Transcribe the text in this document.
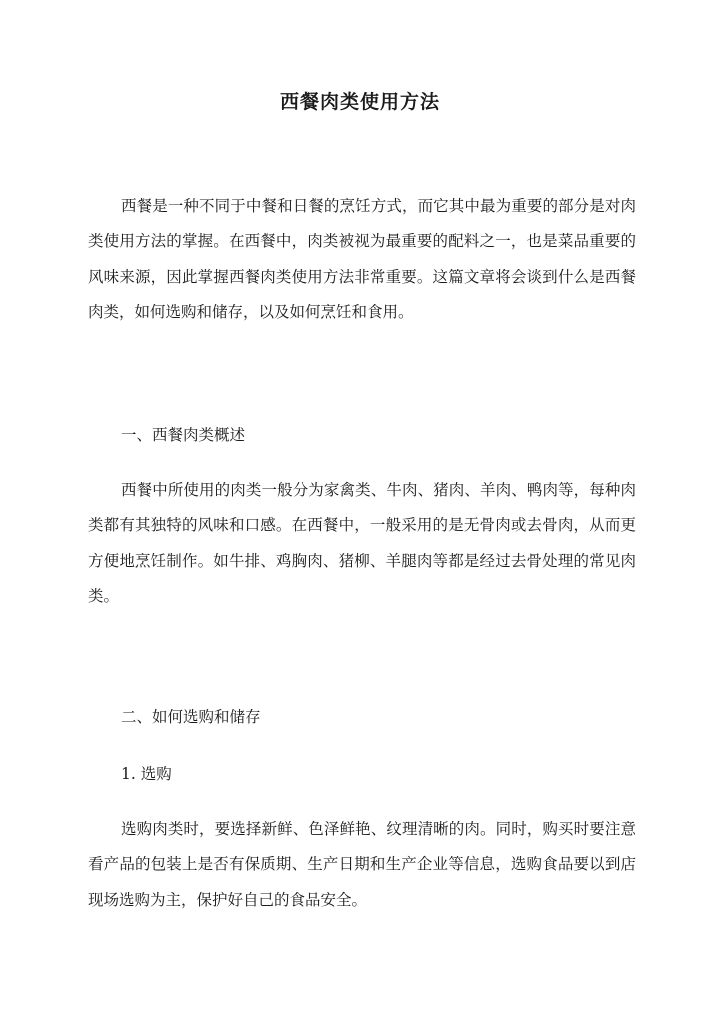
西餐肉类使用方法

西餐是一种不同于中餐和日餐的烹饪方式，而它其中最为重要的部分是对肉类使用方法的掌握。在西餐中，肉类被视为最重要的配料之一，也是菜品重要的风味来源，因此掌握西餐肉类使用方法非常重要。这篇文章将会谈到什么是西餐肉类，如何选购和储存，以及如何烹饪和食用。

一、西餐肉类概述

西餐中所使用的肉类一般分为家禽类、牛肉、猪肉、羊肉、鸭肉等，每种肉类都有其独特的风味和口感。在西餐中，一般采用的是无骨肉或去骨肉，从而更方便地烹饪制作。如牛排、鸡胸肉、猪柳、羊腿肉等都是经过去骨处理的常见肉类。

二、如何选购和储存

1. 选购

选购肉类时，要选择新鲜、色泽鲜艳、纹理清晰的肉。同时，购买时要注意看产品的包装上是否有保质期、生产日期和生产企业等信息，选购食品要以到店现场选购为主，保护好自己的食品安全。
